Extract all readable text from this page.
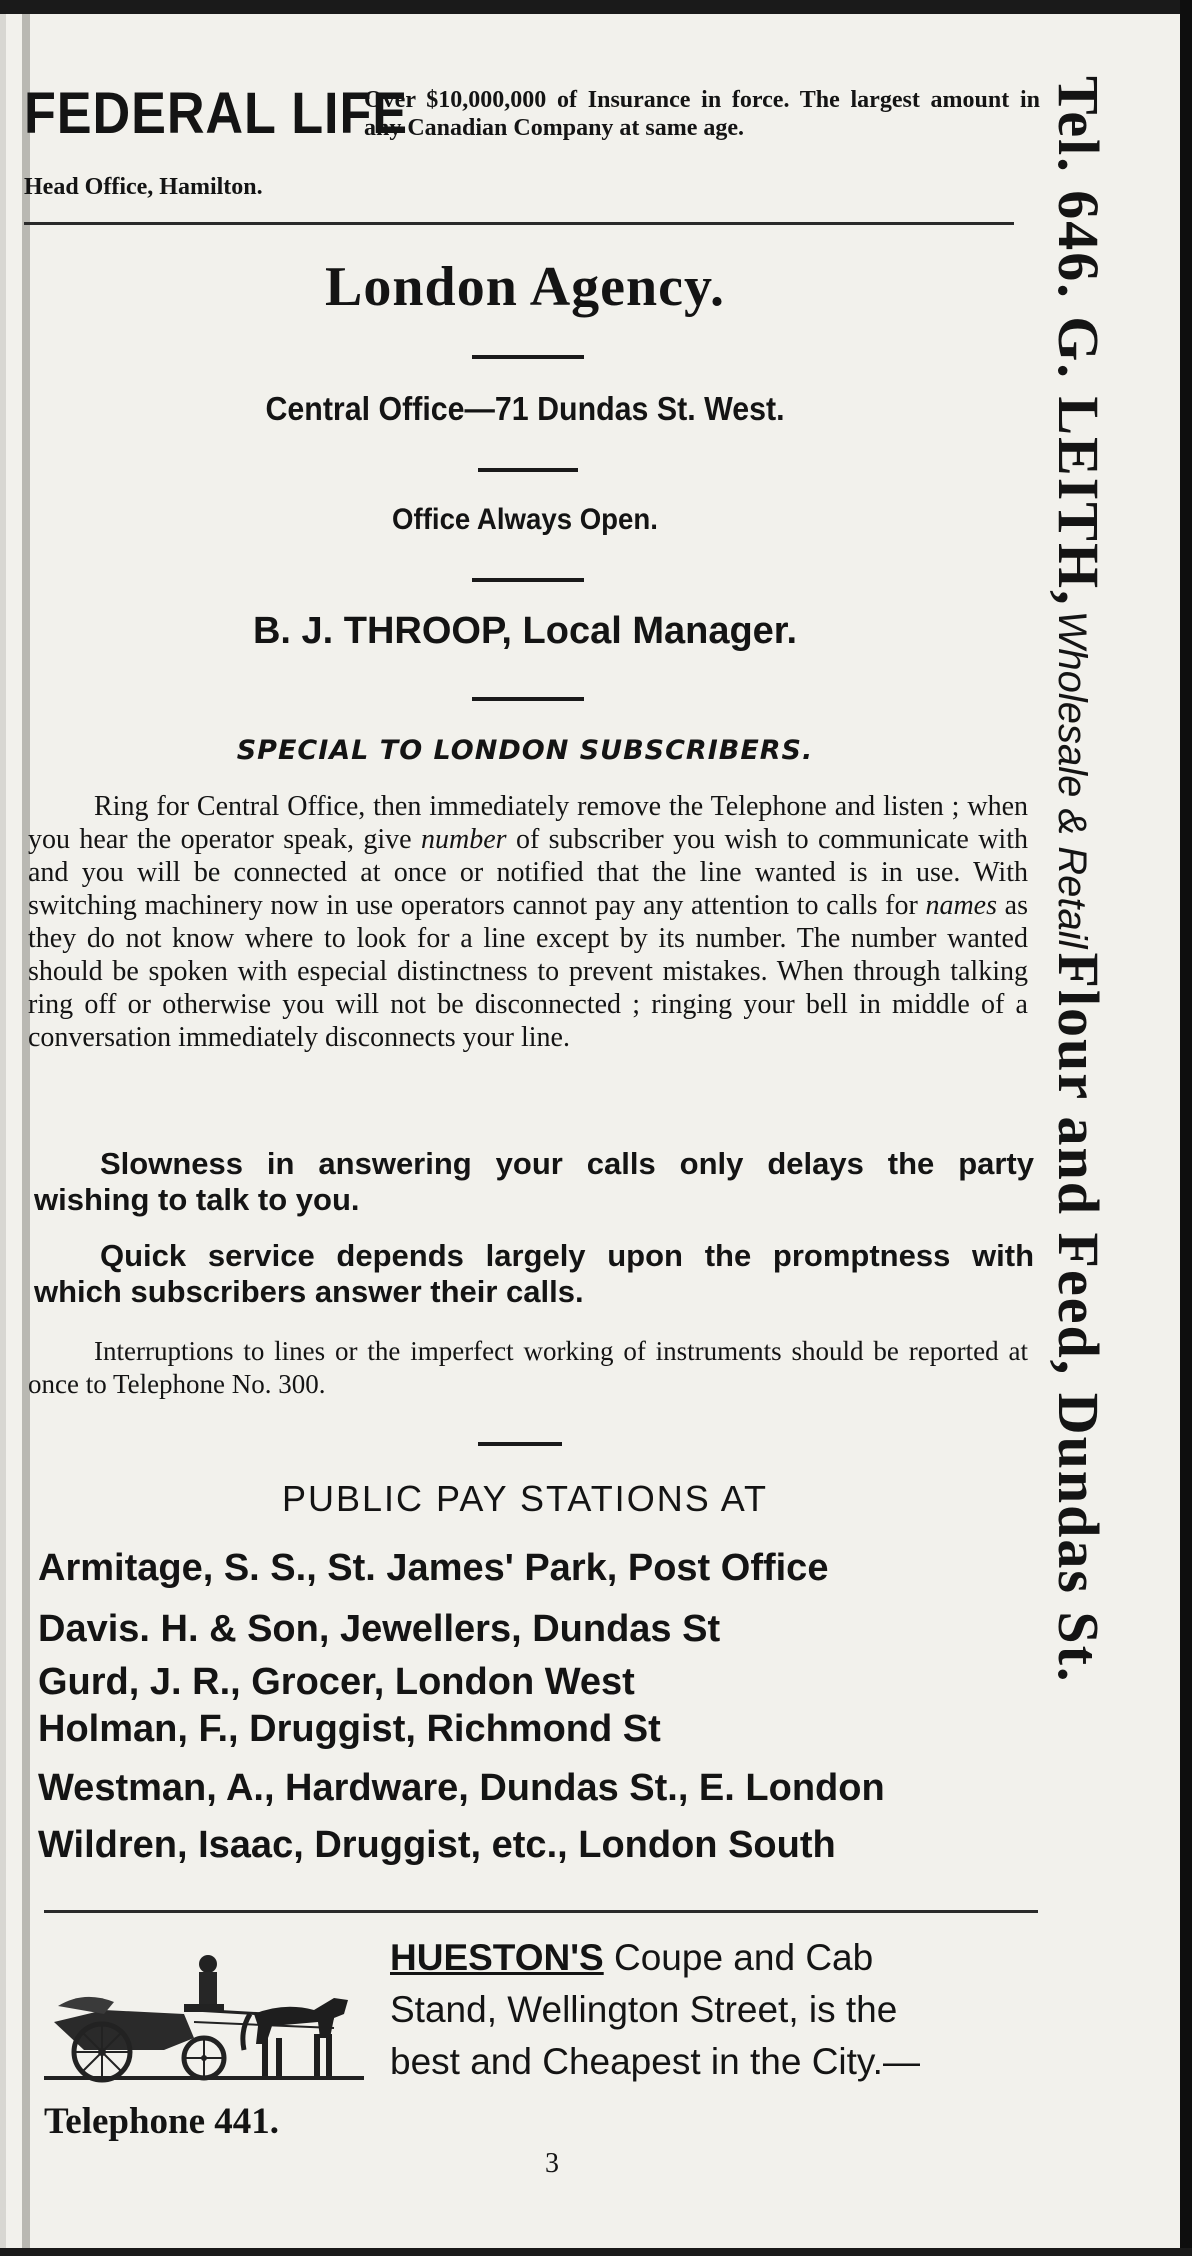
FEDERAL LIFE
Over $10,000,000 of Insurance in force. The largest amount in any Canadian Company at same age.
Head Office, Hamilton.
London Agency.
Central Office—71 Dundas St. West.
Office Always Open.
B. J. THROOP, Local Manager.
SPECIAL TO LONDON SUBSCRIBERS.

Ring for Central Office, then immediately remove the Telephone and listen ; when you hear the operator speak, give number of subscriber you wish to communicate with and you will be connected at once or notified that the line wanted is in use. With switching machinery now in use operators cannot pay any attention to calls for names as they do not know where to look for a line except by its number. The number wanted should be spoken with especial distinctness to prevent mistakes. When through talking ring off or otherwise you will not be disconnected ; ringing your bell in middle of a conversation immediately disconnects your line.

Slowness in answering your calls only delays the party wishing to talk to you.

Quick service depends largely upon the promptness with which subscribers answer their calls.

Interruptions to lines or the imperfect working of instruments should be reported at once to Telephone No. 300.

PUBLIC PAY STATIONS AT
Armitage, S. S., St. James' Park, Post Office
Davis. H. & Son, Jewellers, Dundas St
Gurd, J. R., Grocer, London West
Holman, F., Druggist, Richmond St
Westman, A., Hardware, Dundas St., E. London
Wildren, Isaac, Druggist, etc., London South
HUESTON'S Coupe and Cab
Stand, Wellington Street, is the
best and Cheapest in the City.—
Telephone 441.
3
Tel. 646. G. LEITH, Wholesale & Retail Flour and Feed, Dundas St.
